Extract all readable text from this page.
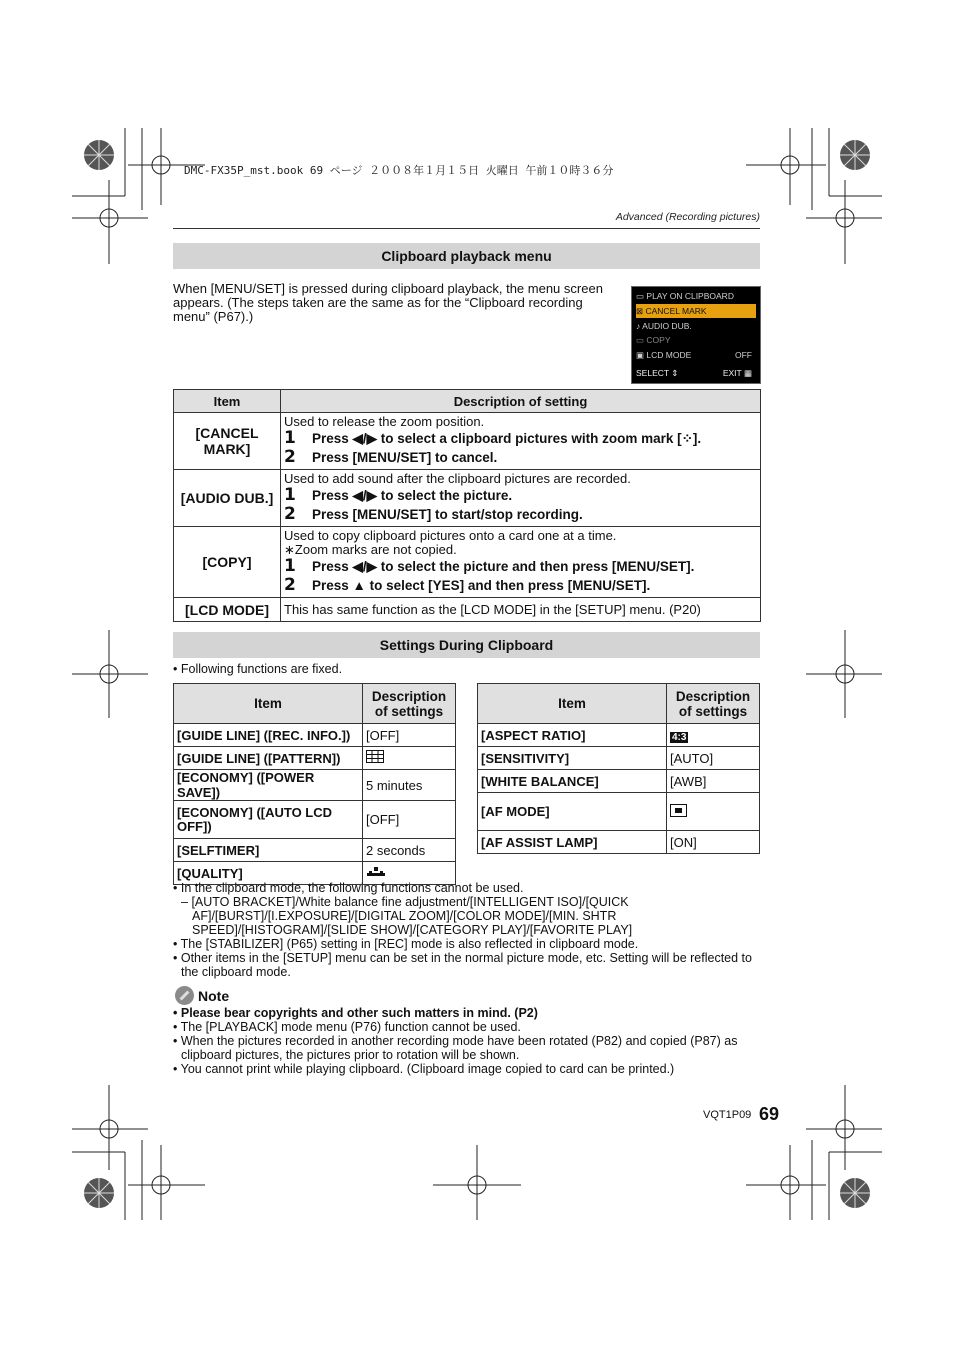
DMC-FX35P_mst.book 69 ページ ２００８年１月１５日 火曜日 午前１０時３６分
Advanced (Recording pictures)
Clipboard playback menu
When [MENU/SET] is pressed during clipboard playback, the menu screen appears. (The steps taken are the same as for the “Clipboard recording menu” (P67).)
▭ PLAY ON CLIPBOARD
⊠ CANCEL MARK
♪ AUDIO DUB.
▭ COPY
▣ LCD MODE	OFF
SELECT ⇕	EXIT ▦
Item	Description of setting
[CANCEL MARK]	Used to release the zoom position.
1 Press ◀/▶ to select a clipboard pictures with zoom mark [⁘].
2 Press [MENU/SET] to cancel.

[AUDIO DUB.]	Used to add sound after the clipboard pictures are recorded.
1 Press ◀/▶ to select the picture.
2 Press [MENU/SET] to start/stop recording.

[COPY]	Used to copy clipboard pictures onto a card one at a time.
∗Zoom marks are not copied.
1 Press ◀/▶ to select the picture and then press [MENU/SET].
2 Press ▲ to select [YES] and then press [MENU/SET].

[LCD MODE]	This has same function as the [LCD MODE] in the [SETUP] menu. (P20)
Settings During Clipboard
• Following functions are fixed.
Item	Description of settings
[GUIDE LINE] ([REC. INFO.])	[OFF]
[GUIDE LINE] ([PATTERN])	
[ECONOMY] ([POWER SAVE])	5 minutes
[ECONOMY] ([AUTO LCD OFF])	[OFF]
[SELFTIMER]	2 seconds
[QUALITY]	
Item	Description of settings
[ASPECT RATIO]	4:3
[SENSITIVITY]	[AUTO]
[WHITE BALANCE]	[AWB]
[AF MODE]	
[AF ASSIST LAMP]	[ON]
• In the clipboard mode, the following functions cannot be used.
– [AUTO BRACKET]/White balance fine adjustment/[INTELLIGENT ISO]/[QUICK AF]/[BURST]/[I.EXPOSURE]/[DIGITAL ZOOM]/[COLOR MODE]/[MIN. SHTR SPEED]/[HISTOGRAM]/[SLIDE SHOW]/[CATEGORY PLAY]/[FAVORITE PLAY]
• The [STABILIZER] (P65) setting in [REC] mode is also reflected in clipboard mode.
• Other items in the [SETUP] menu can be set in the normal picture mode, etc. Setting will be reflected to the clipboard mode.
Note
• Please bear copyrights and other such matters in mind. (P2)
• The [PLAYBACK] mode menu (P76) function cannot be used.
• When the pictures recorded in another recording mode have been rotated (P82) and copied (P87) as clipboard pictures, the pictures prior to rotation will be shown.
• You cannot print while playing clipboard. (Clipboard image copied to card can be printed.)
VQT1P09 69
